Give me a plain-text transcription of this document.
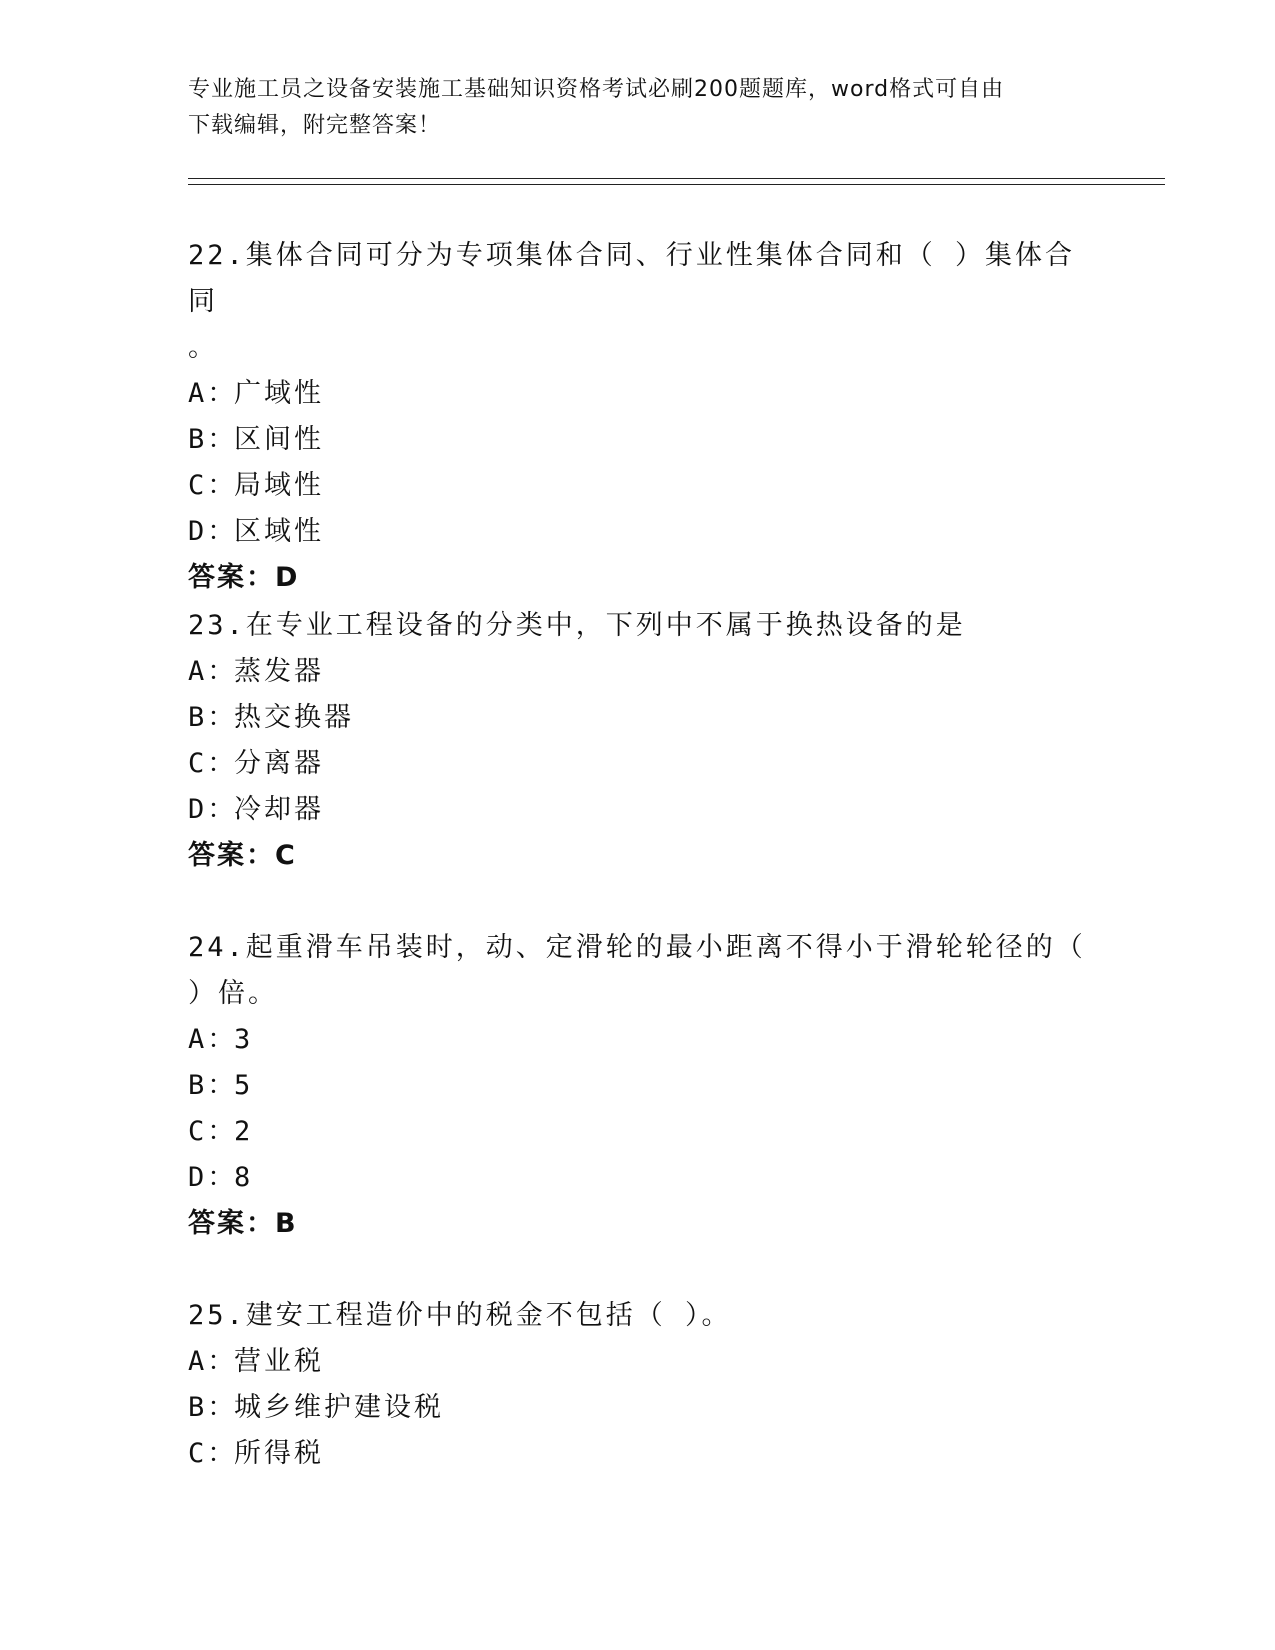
专业施工员之设备安装施工基础知识资格考试必刷200题题库，word格式可自由
下载编辑，附完整答案！

22.集体合同可分为专项集体合同、行业性集体合同和（ ）集体合同

。

A：
广域性

B：
区间性

C：
局域性

D：
区域性

答案：D

23.在专业工程设备的分类中，下列中不属于换热设备的是

A：
蒸发器

B：
热交换器

C：
分离器

D：
冷却器

答案：C

24.起重滑车吊装时，动、定滑轮的最小距离不得小于滑轮轮径的（

）倍。

A：
3

B：
5

C：
2

D：
8

答案：B

25.建安工程造价中的税金不包括（ ）。

A：
营业税

B：
城乡维护建设税

C：
所得税
